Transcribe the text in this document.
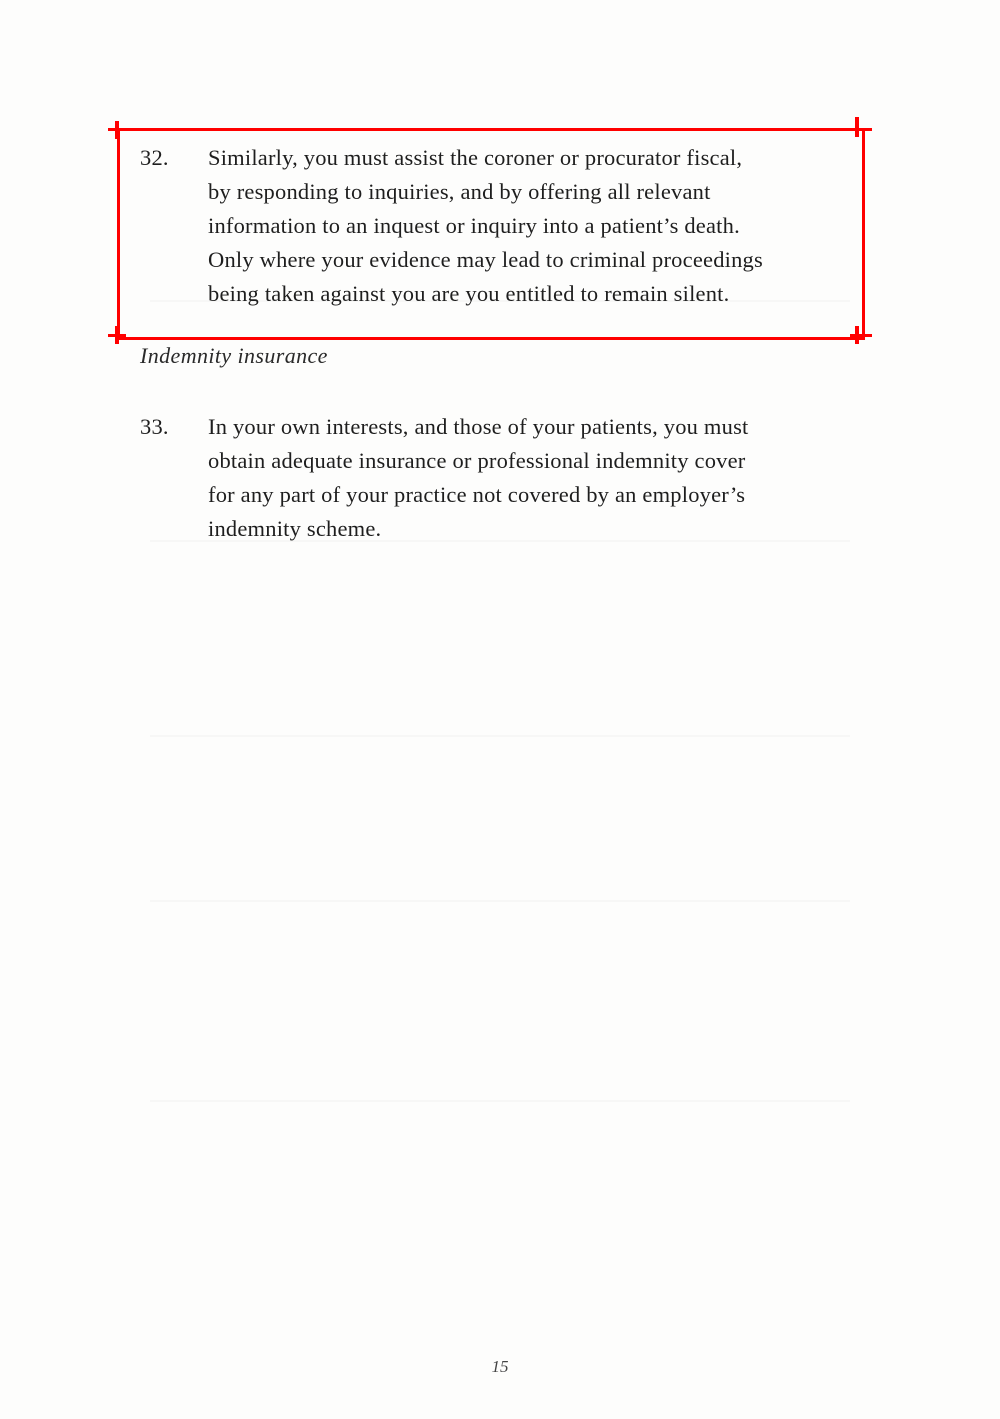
32.	Similarly, you must assist the coroner or procurator fiscal,
by responding to inquiries, and by offering all relevant
information to an inquest or inquiry into a patient’s death.
Only where your evidence may lead to criminal proceedings
being taken against you are you entitled to remain silent.
Indemnity insurance
33.	In your own interests, and those of your patients, you must
obtain adequate insurance or professional indemnity cover
for any part of your practice not covered by an employer’s
indemnity scheme.
15
